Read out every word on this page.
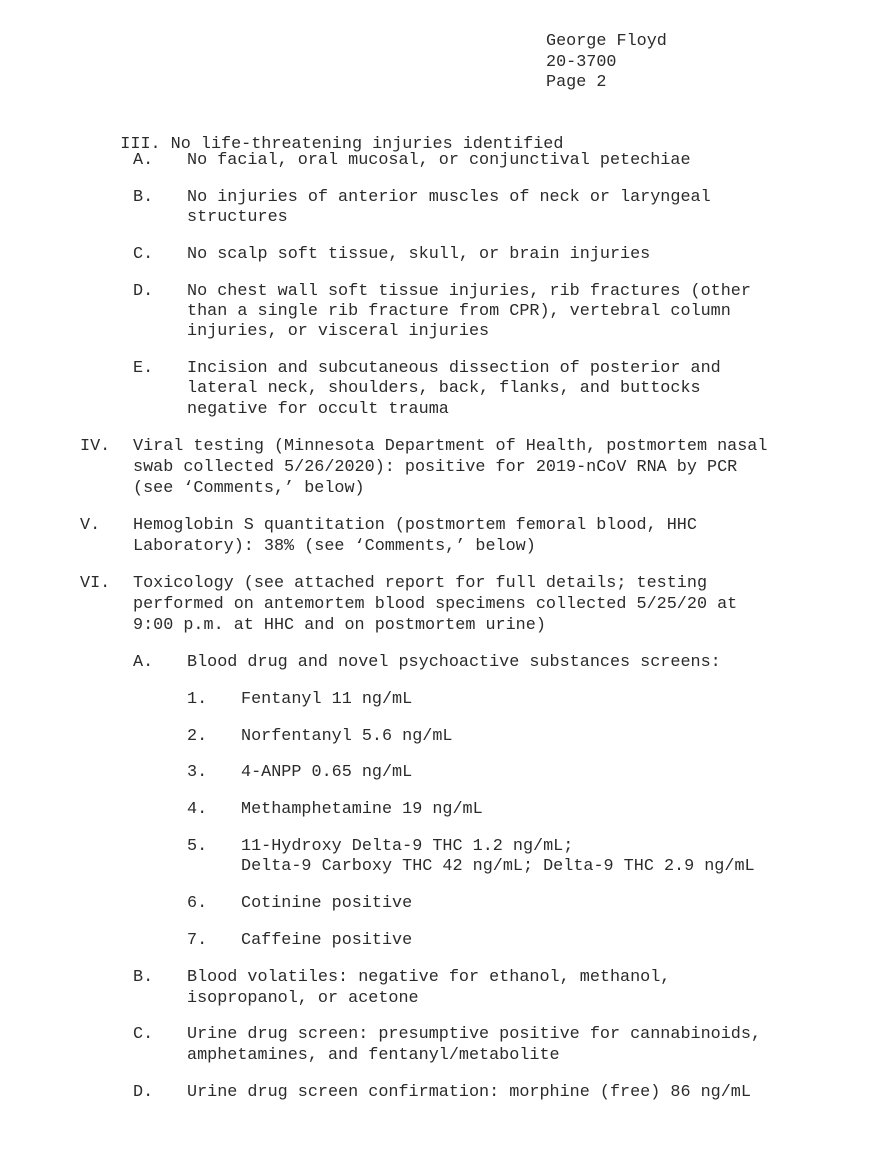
George Floyd
20-3700
Page 2

III. No life-threatening injuries identified

A. No facial, oral mucosal, or conjunctival petechiae
B. No injuries of anterior muscles of neck or laryngeal
structures
C. No scalp soft tissue, skull, or brain injuries
D. No chest wall soft tissue injuries, rib fractures (other
than a single rib fracture from CPR), vertebral column
injuries, or visceral injuries
E. Incision and subcutaneous dissection of posterior and
lateral neck, shoulders, back, flanks, and buttocks
negative for occult trauma
IV. Viral testing (Minnesota Department of Health, postmortem nasal
swab collected 5/26/2020): positive for 2019-nCoV RNA by PCR
(see ‘Comments,’ below)
V. Hemoglobin S quantitation (postmortem femoral blood, HHC
Laboratory): 38% (see ‘Comments,’ below)
VI. Toxicology (see attached report for full details; testing
performed on antemortem blood specimens collected 5/25/20 at
9:00 p.m. at HHC and on postmortem urine)
A. Blood drug and novel psychoactive substances screens:
1. Fentanyl 11 ng/mL
2. Norfentanyl 5.6 ng/mL
3. 4-ANPP 0.65 ng/mL
4. Methamphetamine 19 ng/mL
5. 11-Hydroxy Delta-9 THC 1.2 ng/mL;
Delta-9 Carboxy THC 42 ng/mL; Delta-9 THC 2.9 ng/mL
6. Cotinine positive
7. Caffeine positive
B. Blood volatiles: negative for ethanol, methanol,
isopropanol, or acetone
C. Urine drug screen: presumptive positive for cannabinoids,
amphetamines, and fentanyl/metabolite
D. Urine drug screen confirmation: morphine (free) 86 ng/mL
